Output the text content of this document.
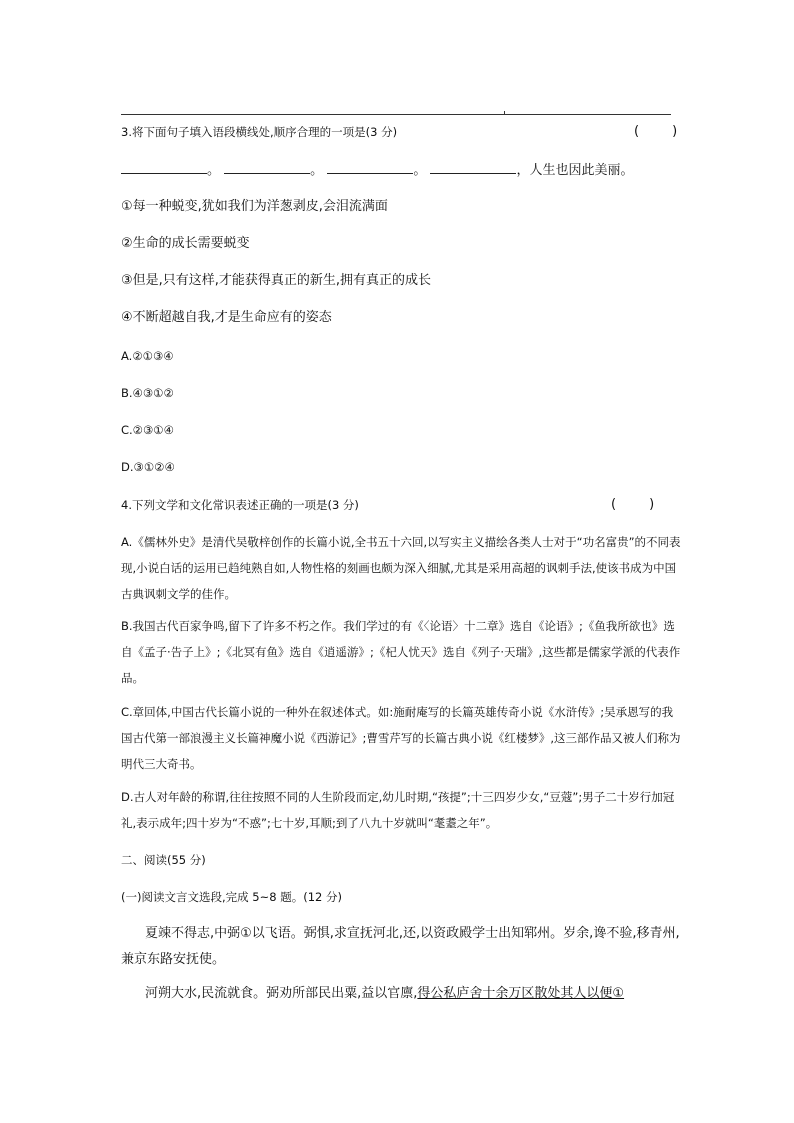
3.将下面句子填入语段横线处,顺序合理的一项是(3 分)	(        )
。	。	。	，人生也因此美丽。
①每一种蜕变,犹如我们为洋葱剥皮,会泪流满面
②生命的成长需要蜕变
③但是,只有这样,才能获得真正的新生,拥有真正的成长
④不断超越自我,才是生命应有的姿态
A.②①③④
B.④③①②
C.②③①④
D.③①②④
4.下列文学和文化常识表述正确的一项是(3 分)	(        )
A.《儒林外史》是清代吴敬梓创作的长篇小说,全书五十六回,以写实主义描绘各类人士对于“功名富贵”的不同表现,小说白话的运用已趋纯熟自如,人物性格的刻画也颇为深入细腻,尤其是采用高超的讽刺手法,使该书成为中国古典讽刺文学的佳作。
B.我国古代百家争鸣,留下了许多不朽之作。我们学过的有《〈论语〉十二章》选自《论语》;《鱼我所欲也》选自《孟子·告子上》;《北冥有鱼》选自《逍遥游》;《杞人忧天》选自《列子·天瑞》,这些都是儒家学派的代表作品。
C.章回体,中国古代长篇小说的一种外在叙述体式。如:施耐庵写的长篇英雄传奇小说《水浒传》;吴承恩写的我国古代第一部浪漫主义长篇神魔小说《西游记》;曹雪芹写的长篇古典小说《红楼梦》,这三部作品又被人们称为明代三大奇书。
D.古人对年龄的称谓,往往按照不同的人生阶段而定,幼儿时期,“孩提”;十三四岁少女,“豆蔻”;男子二十岁行加冠礼,表示成年;四十岁为“不惑”;七十岁,耳顺;到了八九十岁就叫“耄耋之年”。
二、阅读(55 分)
(一)阅读文言文选段,完成 5~8 题。(12 分)
夏竦不得志,中弼①以飞语。弼惧,求宣抚河北,还,以资政殿学士出知郓州。岁余,谗不验,移青州,兼京东路安抚使。
河朔大水,民流就食。弼劝所部民出粟,益以官廪,得公私庐舍十余万区散处其人以便①
